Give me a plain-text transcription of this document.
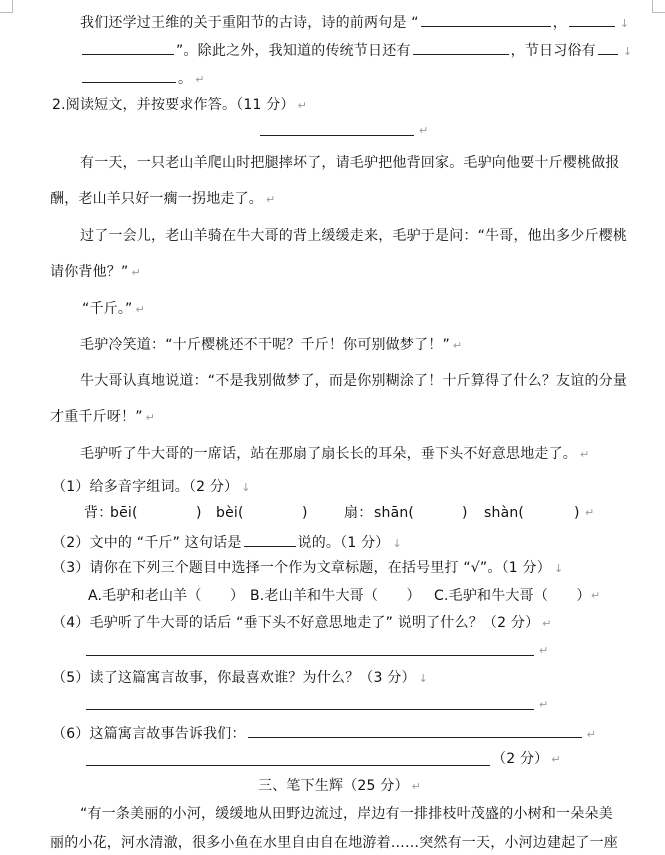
我们还学过王维的关于重阳节的古诗，诗的前两句是 “	，	↓
”。除此之外，我知道的传统节日还有	，节日习俗有 ↓
。 ↵
2.阅读短文，并按要求作答。（11 分） ↵
↵
有一天，一只老山羊爬山时把腿摔坏了，请毛驴把他背回家。毛驴向他要十斤樱桃做报
酬，老山羊只好一瘸一拐地走了。 ↵
过了一会儿，老山羊骑在牛大哥的背上缓缓走来，毛驴于是问：“牛哥，他出多少斤樱桃
请你背他？” ↵
“千斤。” ↵
毛驴冷笑道：“十斤樱桃还不干呢？千斤！你可别做梦了！” ↵
牛大哥认真地说道：“不是我别做梦了，而是你别糊涂了！十斤算得了什么？友谊的分量
才重千斤呀！” ↵
毛驴听了牛大哥的一席话，站在那扇了扇长长的耳朵，垂下头不好意思地走了。 ↵
（1）给多音字组词。（2 分） ↓
背：
bēi(	) bèi(	)	扇： shān(	) shàn(	) ↵
（2）文中的 “千斤” 这句话是	说的。（1 分） ↓
（3）请你在下列三个题目中选择一个作为文章标题，在括号里打 “√”。（1 分） ↓
A.毛驴和老山羊（　　） B.老山羊和牛大哥（　　） C.毛驴和牛大哥（　　） ↵
（4）毛驴听了牛大哥的话后 “垂下头不好意思地走了” 说明了什么？（2 分） ↵
↵
（5）读了这篇寓言故事，你最喜欢谁？为什么？（3 分） ↓
↵
（6）这篇寓言故事告诉我们：	↵
（2 分） ↵
三、笔下生辉（25 分） ↵
“有一条美丽的小河，缓缓地从田野边流过，岸边有一排排枝叶茂盛的小树和一朵朵美
丽的小花，河水清澈，很多小鱼在水里自由自在地游着……突然有一天，小河边建起了一座
